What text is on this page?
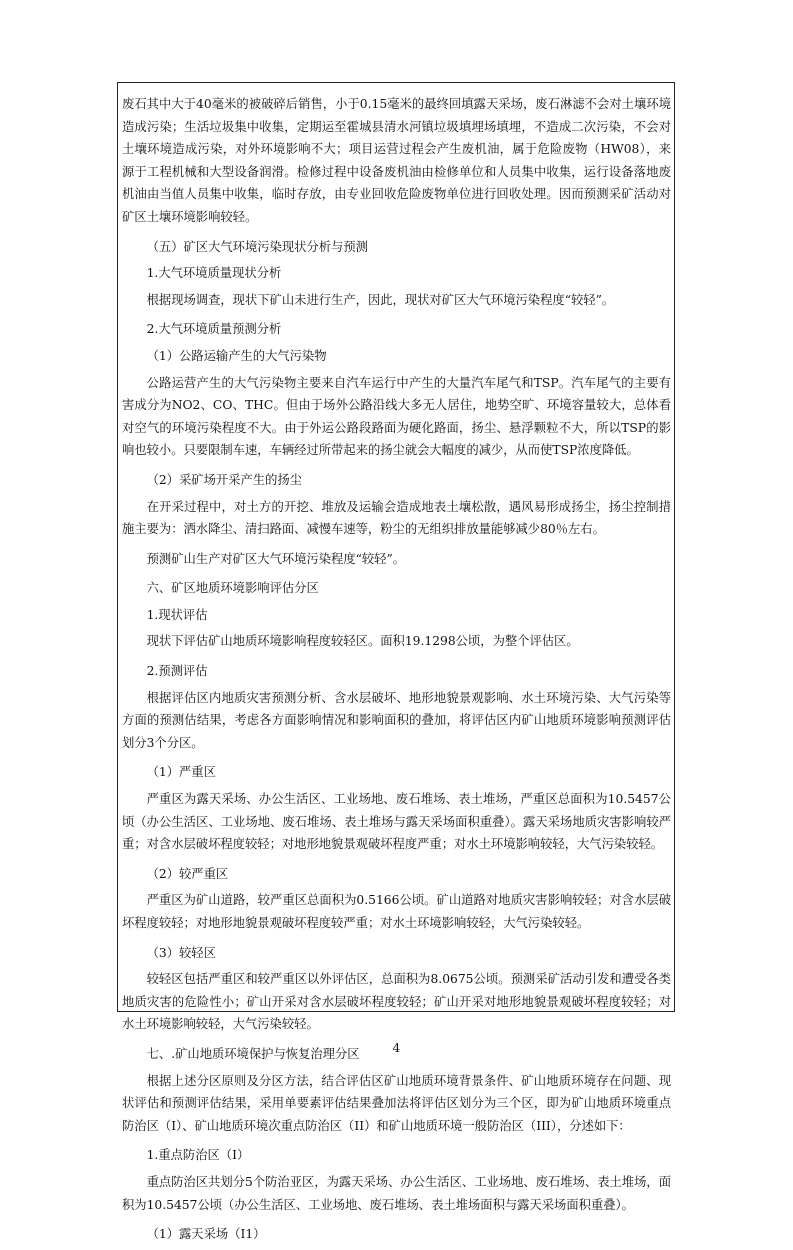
废石其中大于40毫米的被破碎后销售，小于0.15毫米的最终回填露天采场，废石淋滤不会对土壤环境造成污染；生活垃圾集中收集，定期运至霍城县清水河镇垃圾填埋场填埋，不造成二次污染，不会对土壤环境造成污染，对外环境影响不大；项目运营过程会产生废机油，属于危险废物（HW08），来源于工程机械和大型设备润滑。检修过程中设备废机油由检修单位和人员集中收集，运行设备落地废机油由当值人员集中收集，临时存放，由专业回收危险废物单位进行回收处理。因而预测采矿活动对矿区土壤环境影响较轻。

（五）矿区大气环境污染现状分析与预测

1.大气环境质量现状分析

根据现场调查，现状下矿山未进行生产，因此，现状对矿区大气环境污染程度“较轻”。

2.大气环境质量预测分析

（1）公路运输产生的大气污染物

公路运营产生的大气污染物主要来自汽车运行中产生的大量汽车尾气和TSP。汽车尾气的主要有害成分为NO2、CO、THC。但由于场外公路沿线大多无人居住，地势空旷、环境容量较大，总体看对空气的环境污染程度不大。由于外运公路段路面为硬化路面，扬尘、悬浮颗粒不大，所以TSP的影响也较小。只要限制车速，车辆经过所带起来的扬尘就会大幅度的减少，从而使TSP浓度降低。

（2）采矿场开采产生的扬尘

在开采过程中，对土方的开挖、堆放及运输会造成地表土壤松散，遇风易形成扬尘，扬尘控制措施主要为：洒水降尘、清扫路面、减慢车速等，粉尘的无组织排放量能够减少80％左右。

预测矿山生产对矿区大气环境污染程度“较轻”。

六、矿区地质环境影响评估分区

1.现状评估

现状下评估矿山地质环境影响程度较轻区。面积19.1298公顷，为整个评估区。

2.预测评估

根据评估区内地质灾害预测分析、含水层破坏、地形地貌景观影响、水土环境污染、大气污染等方面的预测估结果，考虑各方面影响情况和影响面积的叠加，将评估区内矿山地质环境影响预测评估划分3个分区。

（1）严重区

严重区为露天采场、办公生活区、工业场地、废石堆场、表土堆场，严重区总面积为10.5457公顷（办公生活区、工业场地、废石堆场、表土堆场与露天采场面积重叠）。露天采场地质灾害影响较严重；对含水层破坏程度较轻；对地形地貌景观破坏程度严重；对水土环境影响较轻，大气污染较轻。

（2）较严重区

严重区为矿山道路，较严重区总面积为0.5166公顷。矿山道路对地质灾害影响较轻；对含水层破坏程度较轻；对地形地貌景观破坏程度较严重；对水土环境影响较轻，大气污染较轻。

（3）较轻区

较轻区包括严重区和较严重区以外评估区，总面积为8.0675公顷。预测采矿活动引发和遭受各类地质灾害的危险性小；矿山开采对含水层破坏程度较轻；矿山开采对地形地貌景观破坏程度较轻；对水土环境影响较轻，大气污染较轻。

七、.矿山地质环境保护与恢复治理分区

根据上述分区原则及分区方法，结合评估区矿山地质环境背景条件、矿山地质环境存在问题、现状评估和预测评估结果，采用单要素评估结果叠加法将评估区划分为三个区，即为矿山地质环境重点防治区（I）、矿山地质环境次重点防治区（II）和矿山地质环境一般防治区（III），分述如下：

1.重点防治区（I）

重点防治区共划分5个防治亚区，为露天采场、办公生活区、工业场地、废石堆场、表土堆场，面积为10.5457公顷（办公生活区、工业场地、废石堆场、表土堆场面积与露天采场面积重叠）。

（1）露天采场（I1）

4
